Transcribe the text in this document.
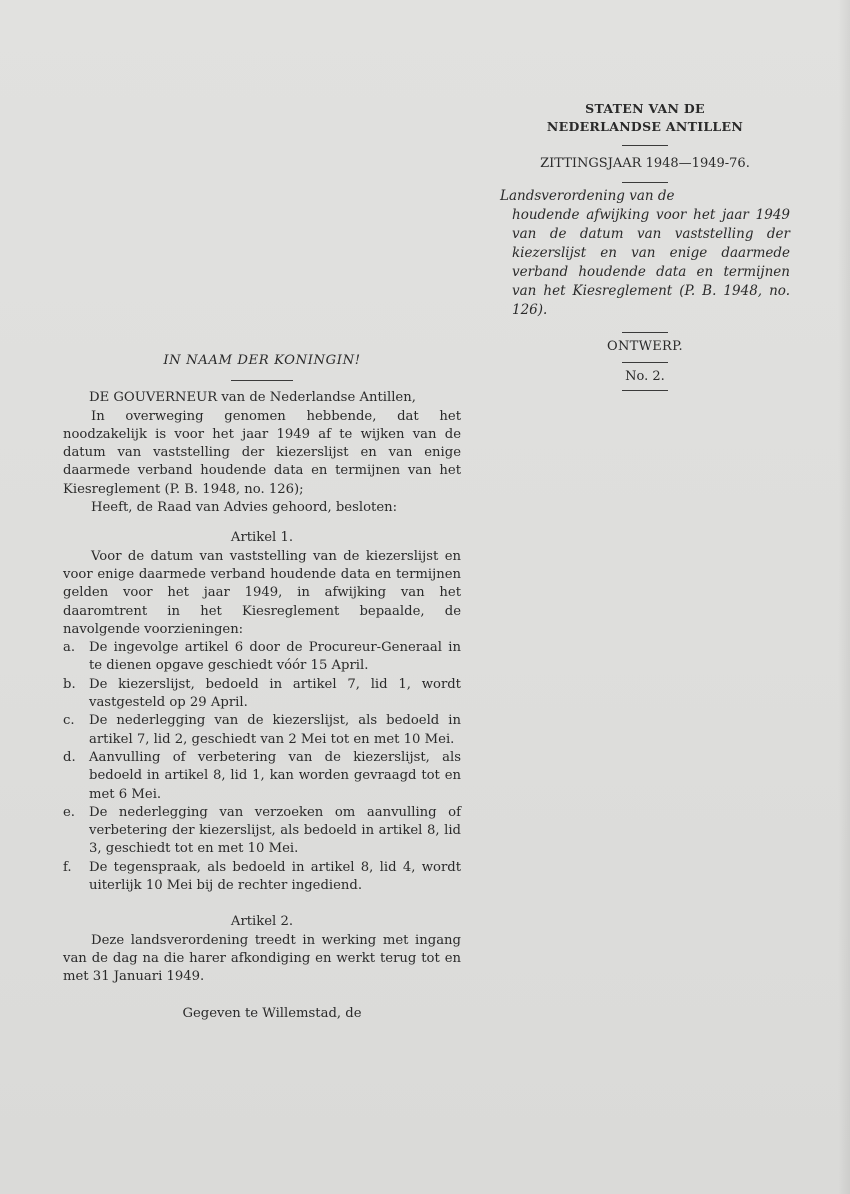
STATEN VAN DE
NEDERLANDSE ANTILLEN
ZITTINGSJAAR 1948—1949-76.
Landsverordening van de
houdende afwijking voor het jaar 1949 van de datum van vaststelling der kiezerslijst en van enige daarmede verband houdende data en termijnen van het Kiesreglement (P. B. 1948, no. 126).
ONTWERP.
No. 2.
IN NAAM DER KONINGIN!
DE GOUVERNEUR van de Nederlandse Antillen,

In overweging genomen hebbende, dat het noodzakelijk is voor het jaar 1949 af te wijken van de datum van vaststelling der kiezerslijst en van enige daarmede verband houdende data en termijnen van het Kiesreglement (P. B. 1948, no. 126);

Heeft, de Raad van Advies gehoord, besloten:

Artikel 1.

Voor de datum van vaststelling van de kiezerslijst en voor enige daarmede verband houdende data en termijnen gelden voor het jaar 1949, in afwijking van het daaromtrent in het Kiesreglement bepaalde, de navolgende voorzieningen:

a.	De ingevolge artikel 6 door de Procureur-Generaal in te dienen opgave geschiedt vóór 15 April.
b.	De kiezerslijst, bedoeld in artikel 7, lid 1, wordt vastgesteld op 29 April.
c.	De nederlegging van de kiezerslijst, als bedoeld in artikel 7, lid 2, geschiedt van 2 Mei tot en met 10 Mei.
d.	Aanvulling of verbetering van de kiezerslijst, als bedoeld in artikel 8, lid 1, kan worden gevraagd tot en met 6 Mei.
e.	De nederlegging van verzoeken om aanvulling of verbetering der kiezerslijst, als bedoeld in artikel 8, lid 3, geschiedt tot en met 10 Mei.
f.	De tegenspraak, als bedoeld in artikel 8, lid 4, wordt uiterlijk 10 Mei bij de rechter ingediend.
Artikel 2.

Deze landsverordening treedt in werking met ingang van de dag na die harer afkondiging en werkt terug tot en met 31 Januari 1949.

Gegeven te Willemstad, de
